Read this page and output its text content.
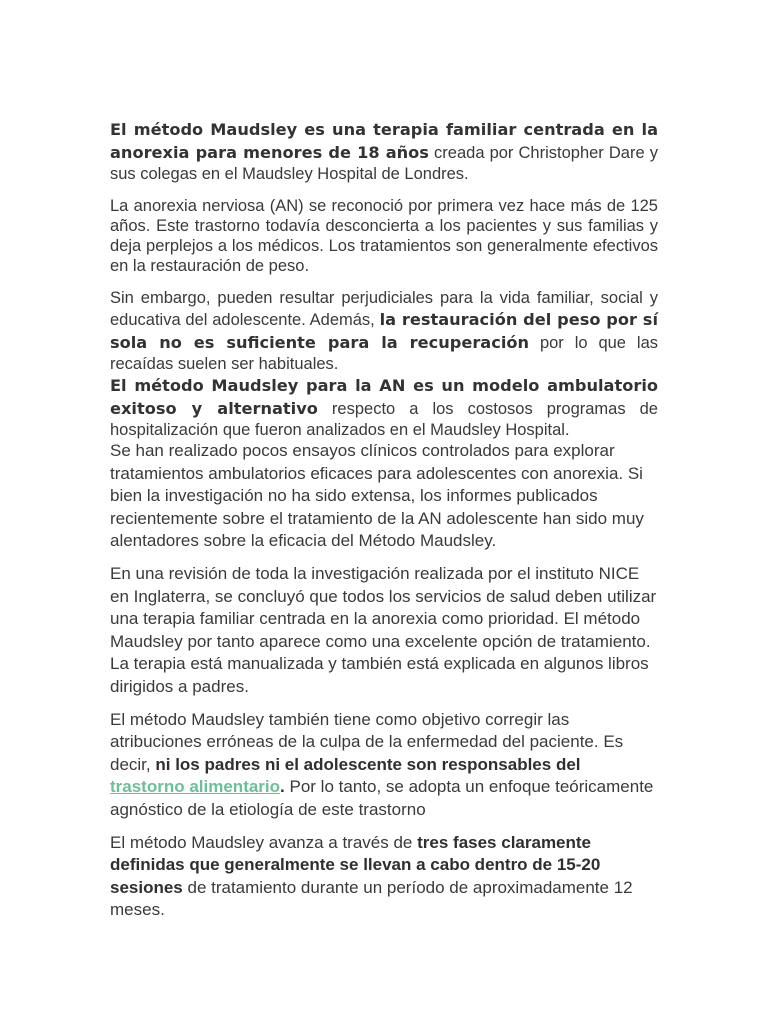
El método Maudsley es una terapia familiar centrada en la anorexia para menores de 18 años creada por Christopher Dare y sus colegas en el Maudsley Hospital de Londres.

La anorexia nerviosa (AN) se reconoció por primera vez hace más de 125 años. Este trastorno todavía desconcierta a los pacientes y sus familias y deja perplejos a los médicos. Los tratamientos son generalmente efectivos en la restauración de peso.

Sin embargo, pueden resultar perjudiciales para la vida familiar, social y educativa del adolescente. Además, la restauración del peso por sí sola no es suficiente para la recuperación por lo que las recaídas suelen ser habituales.

El método Maudsley para la AN es un modelo ambulatorio exitoso y alternativo respecto a los costosos programas de hospitalización que fueron analizados en el Maudsley Hospital.

Se han realizado pocos ensayos clínicos controlados para explorar tratamientos ambulatorios eficaces para adolescentes con anorexia. Si bien la investigación no ha sido extensa, los informes publicados recientemente sobre el tratamiento de la AN adolescente han sido muy alentadores sobre la eficacia del Método Maudsley.

En una revisión de toda la investigación realizada por el instituto NICE en Inglaterra, se concluyó que todos los servicios de salud deben utilizar una terapia familiar centrada en la anorexia como prioridad. El método Maudsley por tanto aparece como una excelente opción de tratamiento. La terapia está manualizada y también está explicada en algunos libros dirigidos a padres.

El método Maudsley también tiene como objetivo corregir las atribuciones erróneas de la culpa de la enfermedad del paciente. Es decir, ni los padres ni el adolescente son responsables del trastorno alimentario. Por lo tanto, se adopta un enfoque teóricamente agnóstico de la etiología de este trastorno

El método Maudsley avanza a través de tres fases claramente definidas que generalmente se llevan a cabo dentro de 15-20 sesiones de tratamiento durante un período de aproximadamente 12 meses.
